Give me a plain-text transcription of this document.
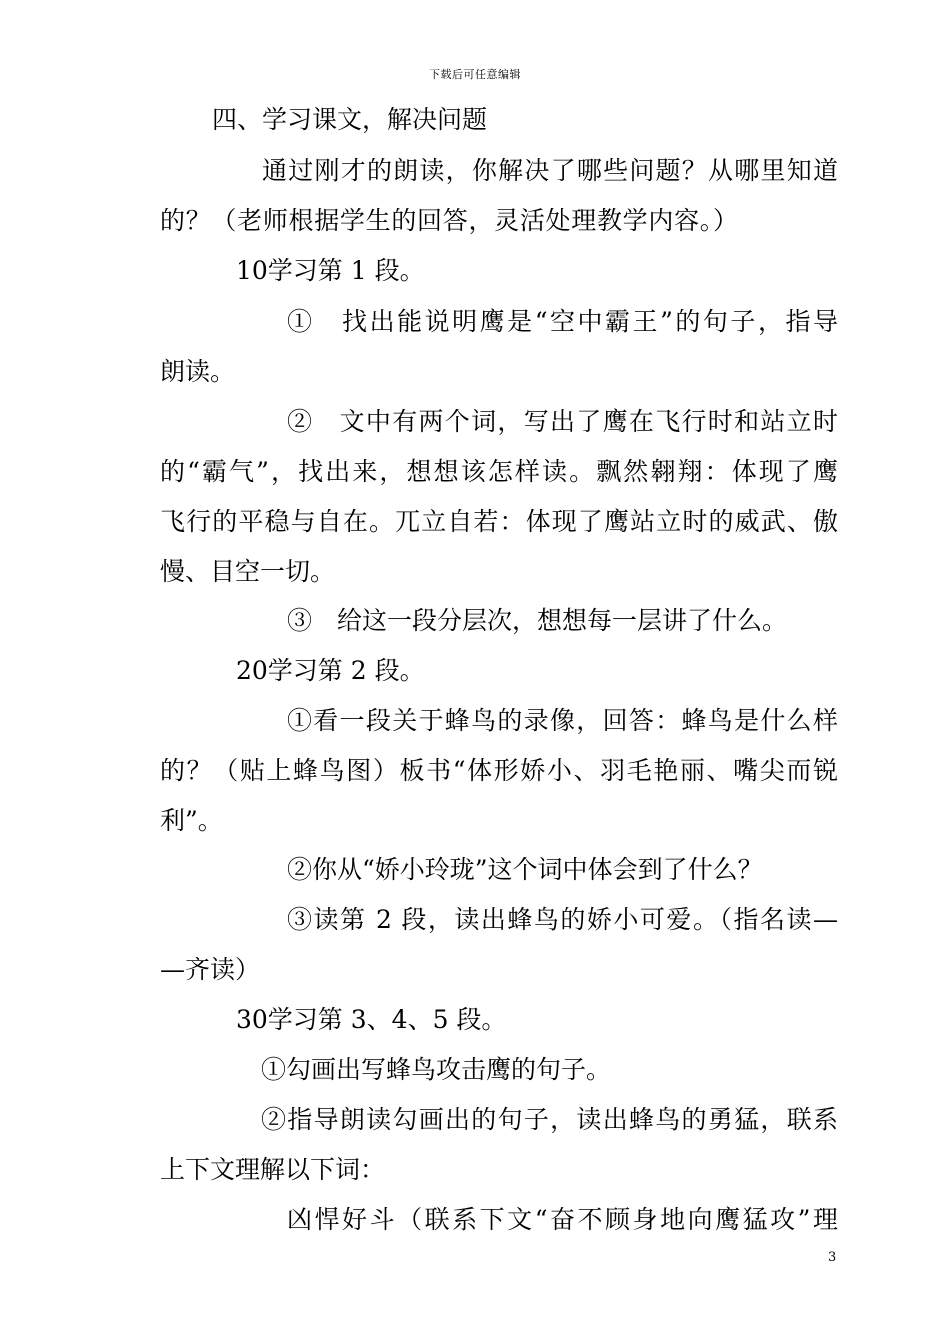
下载后可任意编辑
四、学习课文，解决问题
通过刚才的朗读，你解决了哪些问题？从哪里知道
的？（老师根据学生的回答，灵活处理教学内容。）
10学习第 1 段。
①　找出能说明鹰是“空中霸王”的句子，指导
朗读。
②　文中有两个词，写出了鹰在飞行时和站立时
的“霸气”，找出来，想想该怎样读。飘然翱翔：体现了鹰
飞行的平稳与自在。兀立自若：体现了鹰站立时的威武、傲
慢、目空一切。
③　给这一段分层次，想想每一层讲了什么。
20学习第 2 段。
①看一段关于蜂鸟的录像，回答：蜂鸟是什么样
的？（贴上蜂鸟图）板书“体形娇小、羽毛艳丽、嘴尖而锐
利”。
②你从“娇小玲珑”这个词中体会到了什么？
③读第 2 段，读出蜂鸟的娇小可爱。（指名读—
—齐读）
30学习第 3、4、5 段。
①勾画出写蜂鸟攻击鹰的句子。
②指导朗读勾画出的句子，读出蜂鸟的勇猛，联系
上下文理解以下词：
凶悍好斗（联系下文“奋不顾身地向鹰猛攻”理
3
